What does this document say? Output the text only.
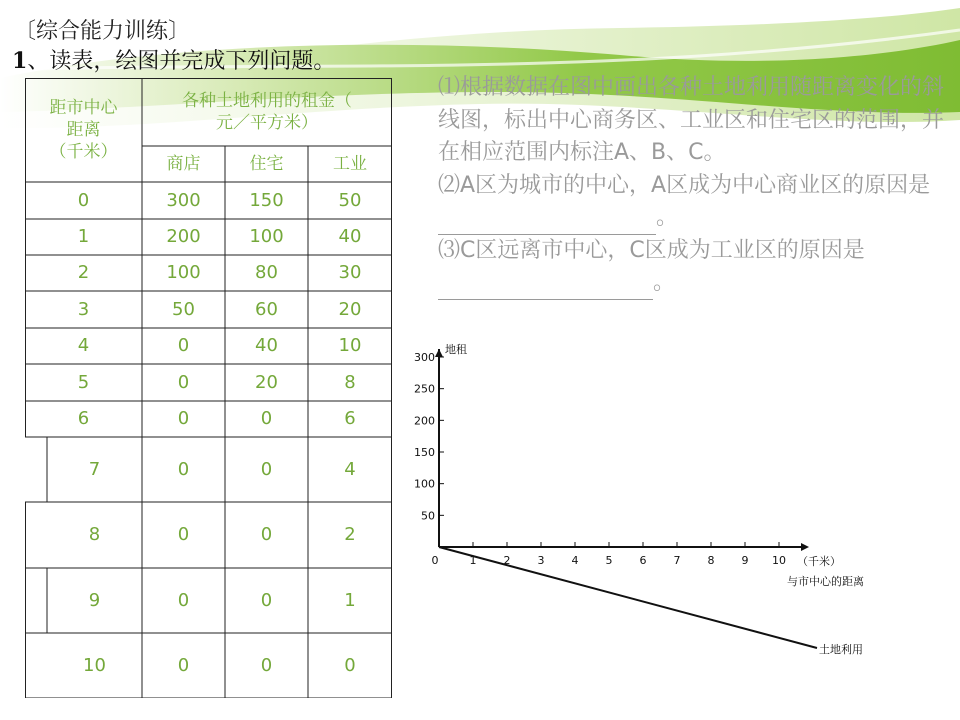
〔综合能力训练〕
1、读表，绘图并完成下列问题。
距市中心
距离
（千米）
各种土地利用的租金（
元／平方米）
商店	住宅	工业
0	300	150	50
1	200	100	40
2	100	80	30
3	50	60	20
4	0	40	10
5	0	20	8
6	0	0	6
7	0	0	4
8	0	0	2
9	0	0	1
10	0	0	0

⑴根据数据在图中画出各种土地利用随距离变化的斜线图，标出中心商务区、工业区和住宅区的范围，并在相应范围内标注A、B、C。

⑵A区为城市的中心，A区成为中心商业区的原因是。

⑶C区远离市中心，C区成为工业区的原因是。

地租
300
250
200
150
100
50
0	1 2 3 4 5 6 7 8 9 10 （千米）
与市中心的距离
土地利用
